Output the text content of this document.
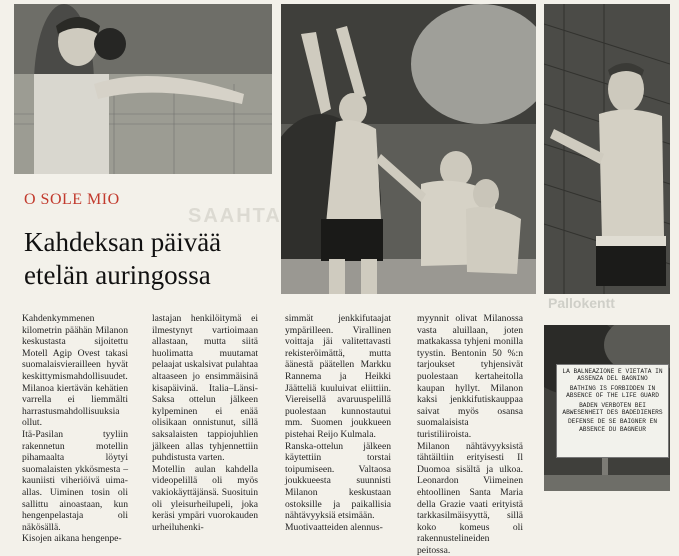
LA BALNEAZIONE E VIETATA IN ASSENZA DEL BAGNINO
BATHING IS FORBIDDEN IN ABSENCE OF THE LIFE GUARD
BADEN VERBOTEN BEI ABWESENHEIT DES BADEDIENERS
DEFENSE DE SE BAIGNER EN ABSENCE DU BAGNEUR
Pallokentt
SAAHTA
O SOLE MIO
Kahdeksan päivää etelän auringossa
Kahdenkymmenen kilometrin päähän Milanon keskustasta sijoitettu Motell Agip Ovest takasi suomalaisvierailleen hyvät keskittymismahdollisuudet. Milanoa kiertävän kehätien varrella ei liemmälti harrastusmahdollisuuksia ollut.
Itä-Pasilan tyyliin rakennetun motellin pihamaalta löytyi suomalaisten ykkösmesta – kauniisti viheriöivä uima-allas. Uiminen tosin oli sallittu ainoastaan, kun hengenpelastaja oli näkösällä.
Kisojen aikana hengenpe-
lastajan henkilöitymä ei ilmestynyt vartioimaan allastaan, mutta siitä huolimatta muutamat pelaajat uskalsivat pulahtaa altaaseen jo ensimmäisinä kisapäivinä. Italia–Länsi-Saksa ottelun jälkeen kylpeminen ei enää olisikaan onnistunut, sillä saksalaisten tappiojuhlien jälkeen allas tyhjennettiin puhdistusta varten.
Motellin aulan kahdella videopelillä oli myös vakiokäyttäjänsä. Suosituin oli yleisurheilupeli, joka keräsi ympäri vuorokauden urheiluhenki-
simmät jenkkifutaajat ympärilleen. Virallinen voittaja jäi valitettavasti rekisteröimättä, mutta äänestä päätellen Markku Rannema ja Heikki Jäätteliä kuuluivat eliittiin. Viereisellä avaruuspelillä puolestaan kunnostautui mm. Suomen joukkueen pistehai Reijo Kulmala.
Ranska-ottelun jälkeen käytettiin torstai toipumiseen. Valtaosa joukkueesta suunnisti Milanon keskustaan ostoksille ja paikallisia nähtävyyksiä etsimään.
Muotivaatteiden alennus-
myynnit olivat Milanossa vasta aluillaan, joten matkakassa tyhjeni monilla tyystin. Bentonin 50 %:n tarjoukset tyhjensivät puolestaan kertaheitolla kaupan hyllyt. Milanon kaksi jenkkifutiskauppaa saivat myös osansa suomalaisista turistiliiroista.
Milanon nähtävyyksistä tähtäiltiin erityisesti Il Duomoa sisältä ja ulkoa. Leonardon Viimeinen ehtoollinen Santa Maria della Grazie vaati erityistä tarkkasilmäisyyttä, sillä koko komeus oli rakennustelineiden peitossa.
